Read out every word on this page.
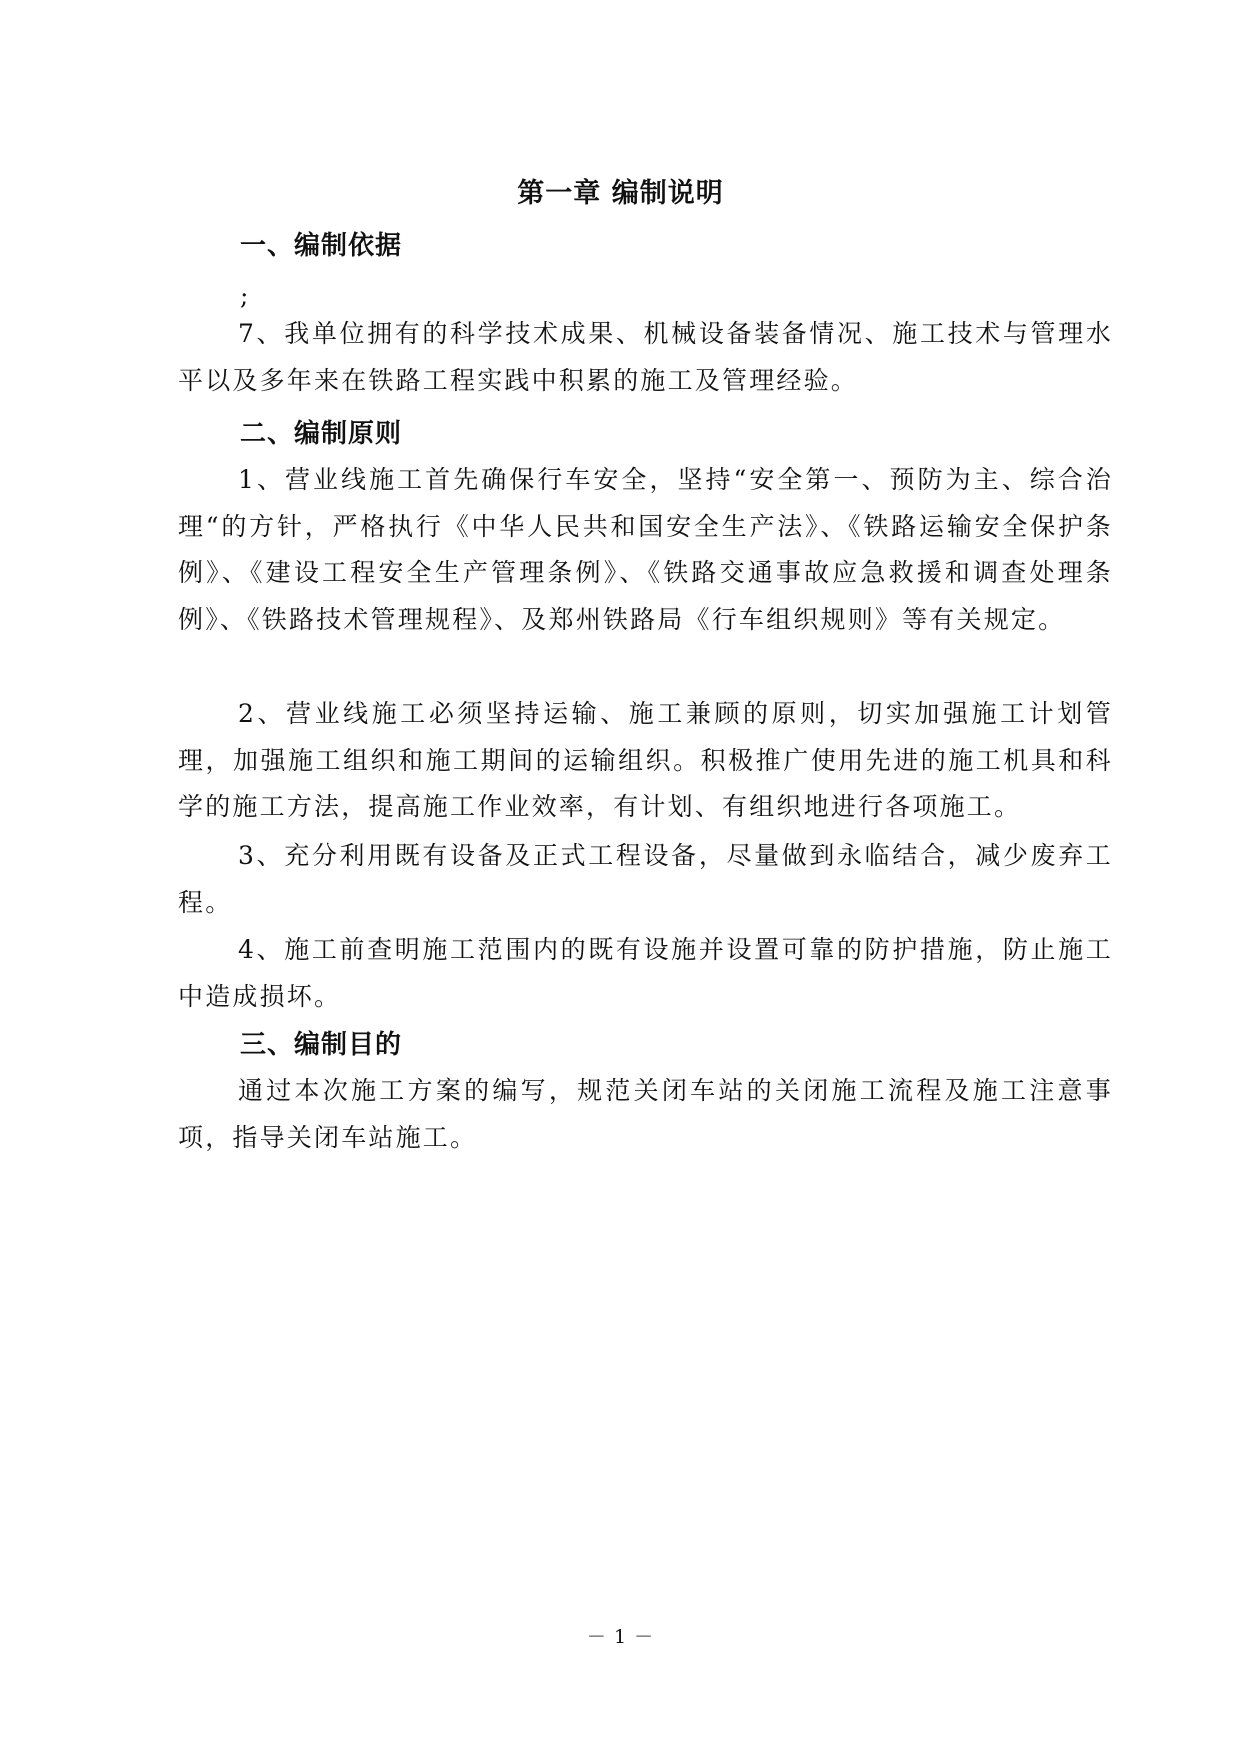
第一章 编制说明
一、编制依据
;

7、我单位拥有的科学技术成果、机械设备装备情况、施工技术与管理水平以及多年来在铁路工程实践中积累的施工及管理经验。

二、编制原则

1、营业线施工首先确保行车安全，坚持“安全第一、预防为主、综合治理“的方针，严格执行《中华人民共和国安全生产法》、《铁路运输安全保护条例》、《建设工程安全生产管理条例》、《铁路交通事故应急救援和调查处理条例》、《铁路技术管理规程》、及郑州铁路局《行车组织规则》等有关规定。

2、营业线施工必须坚持运输、施工兼顾的原则，切实加强施工计划管理，加强施工组织和施工期间的运输组织。积极推广使用先进的施工机具和科学的施工方法，提高施工作业效率，有计划、有组织地进行各项施工。

3、充分利用既有设备及正式工程设备，尽量做到永临结合，减少废弃工程。

4、施工前查明施工范围内的既有设施并设置可靠的防护措施，防止施工中造成损坏。

三、编制目的

通过本次施工方案的编写，规范关闭车站的关闭施工流程及施工注意事项，指导关闭车站施工。

－ 1 －
